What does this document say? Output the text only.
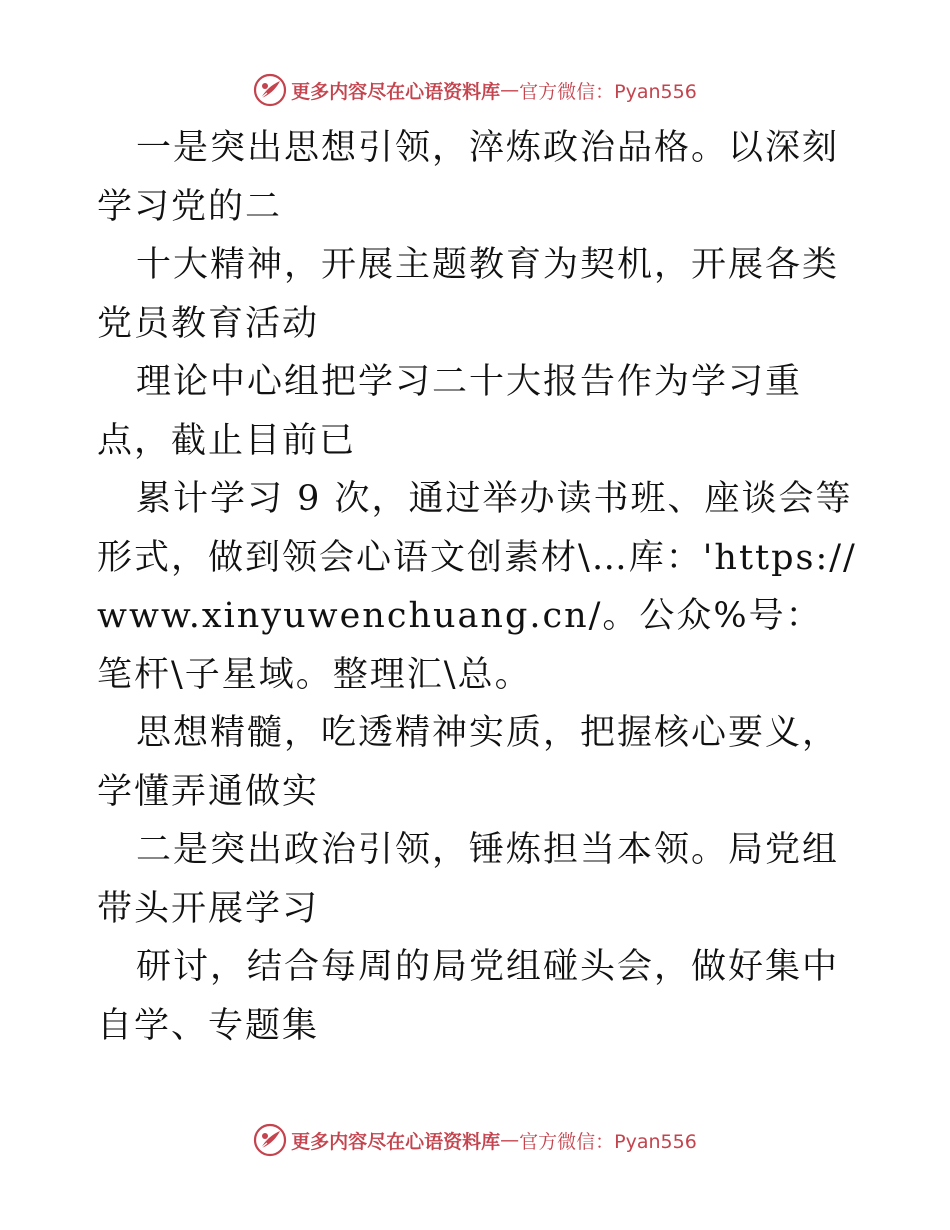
更多内容尽在心语资料库 — 官方微信：Pyan556

一是突出思想引领，淬炼政治品格。以深刻学习党的二

十大精神，开展主题教育为契机，开展各类党员教育活动

理论中心组把学习二十大报告作为学习重点，截止目前已

累计学习 9 次，通过举办读书班、座谈会等形式，做到领会心语文创素材\…库：'https://www.xinyuwenchuang.cn/。公众%号：笔杆\子星域。整理汇\总。

思想精髓，吃透精神实质，把握核心要义，学懂弄通做实

二是突出政治引领，锤炼担当本领。局党组带头开展学习

研讨，结合每周的局党组碰头会，做好集中自学、专题集

更多内容尽在心语资料库 — 官方微信：Pyan556
